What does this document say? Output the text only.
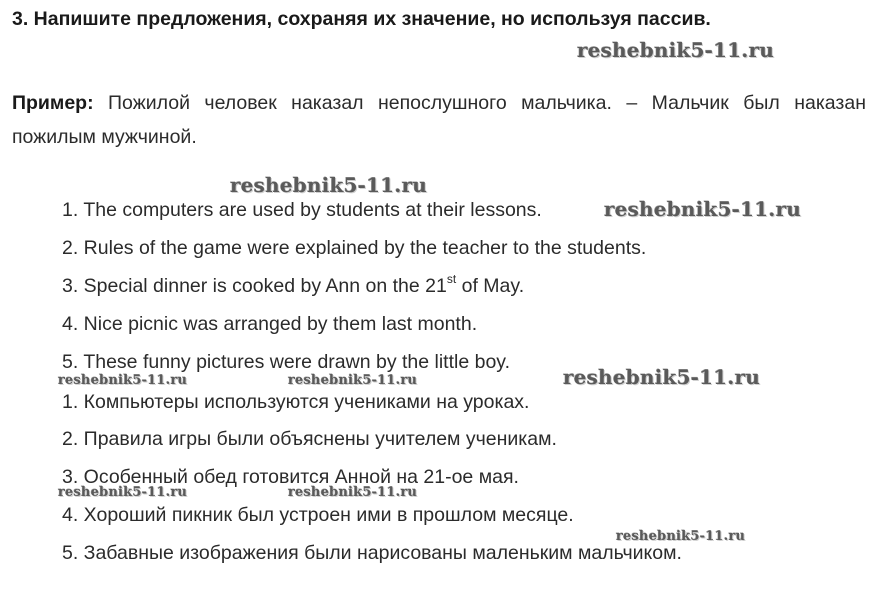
3. Напишите предложения, сохраняя их значение, но используя пассив.
Пример: Пожилой человек наказал непослушного мальчика. – Мальчик был наказан пожилым мужчиной.
1. The computers are used by students at their lessons.
2. Rules of the game were explained by the teacher to the students.
3. Special dinner is cooked by Ann on the 21st of May.
4. Nice picnic was arranged by them last month.
5. These funny pictures were drawn by the little boy.
1. Компьютеры используются учениками на уроках.
2. Правила игры были объяснены учителем ученикам.
3. Особенный обед готовится Анной на 21-ое мая.
4. Хороший пикник был устроен ими в прошлом месяце.
5. Забавные изображения были нарисованы маленьким мальчиком.
reshebnik5-11.ru
reshebnik5-11.ru
reshebnik5-11.ru
reshebnik5-11.ru
reshebnik5-11.ru	reshebnik5-11.ru
reshebnik5-11.ru	reshebnik5-11.ru
reshebnik5-11.ru
